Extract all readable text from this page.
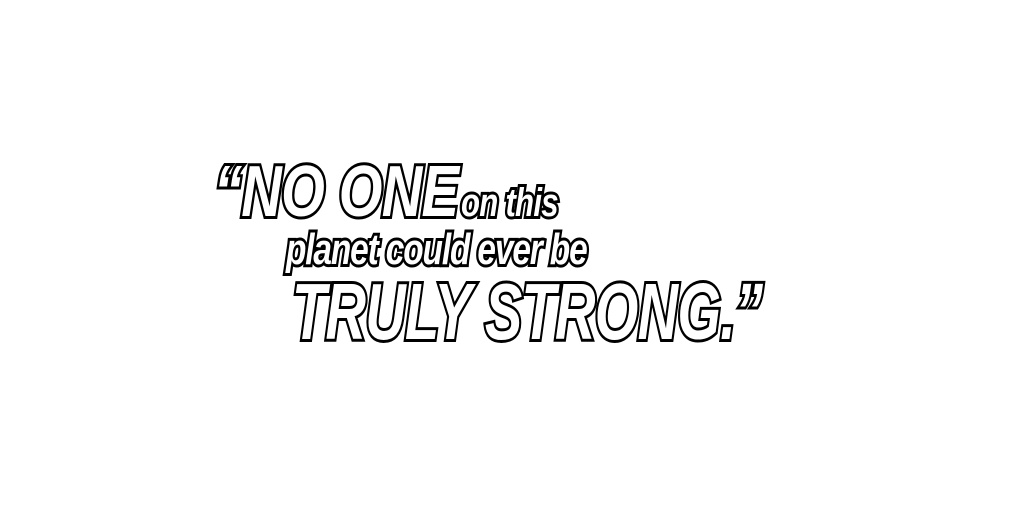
“NO ONEon this
planet could ever be
TRULY STRONG.”
